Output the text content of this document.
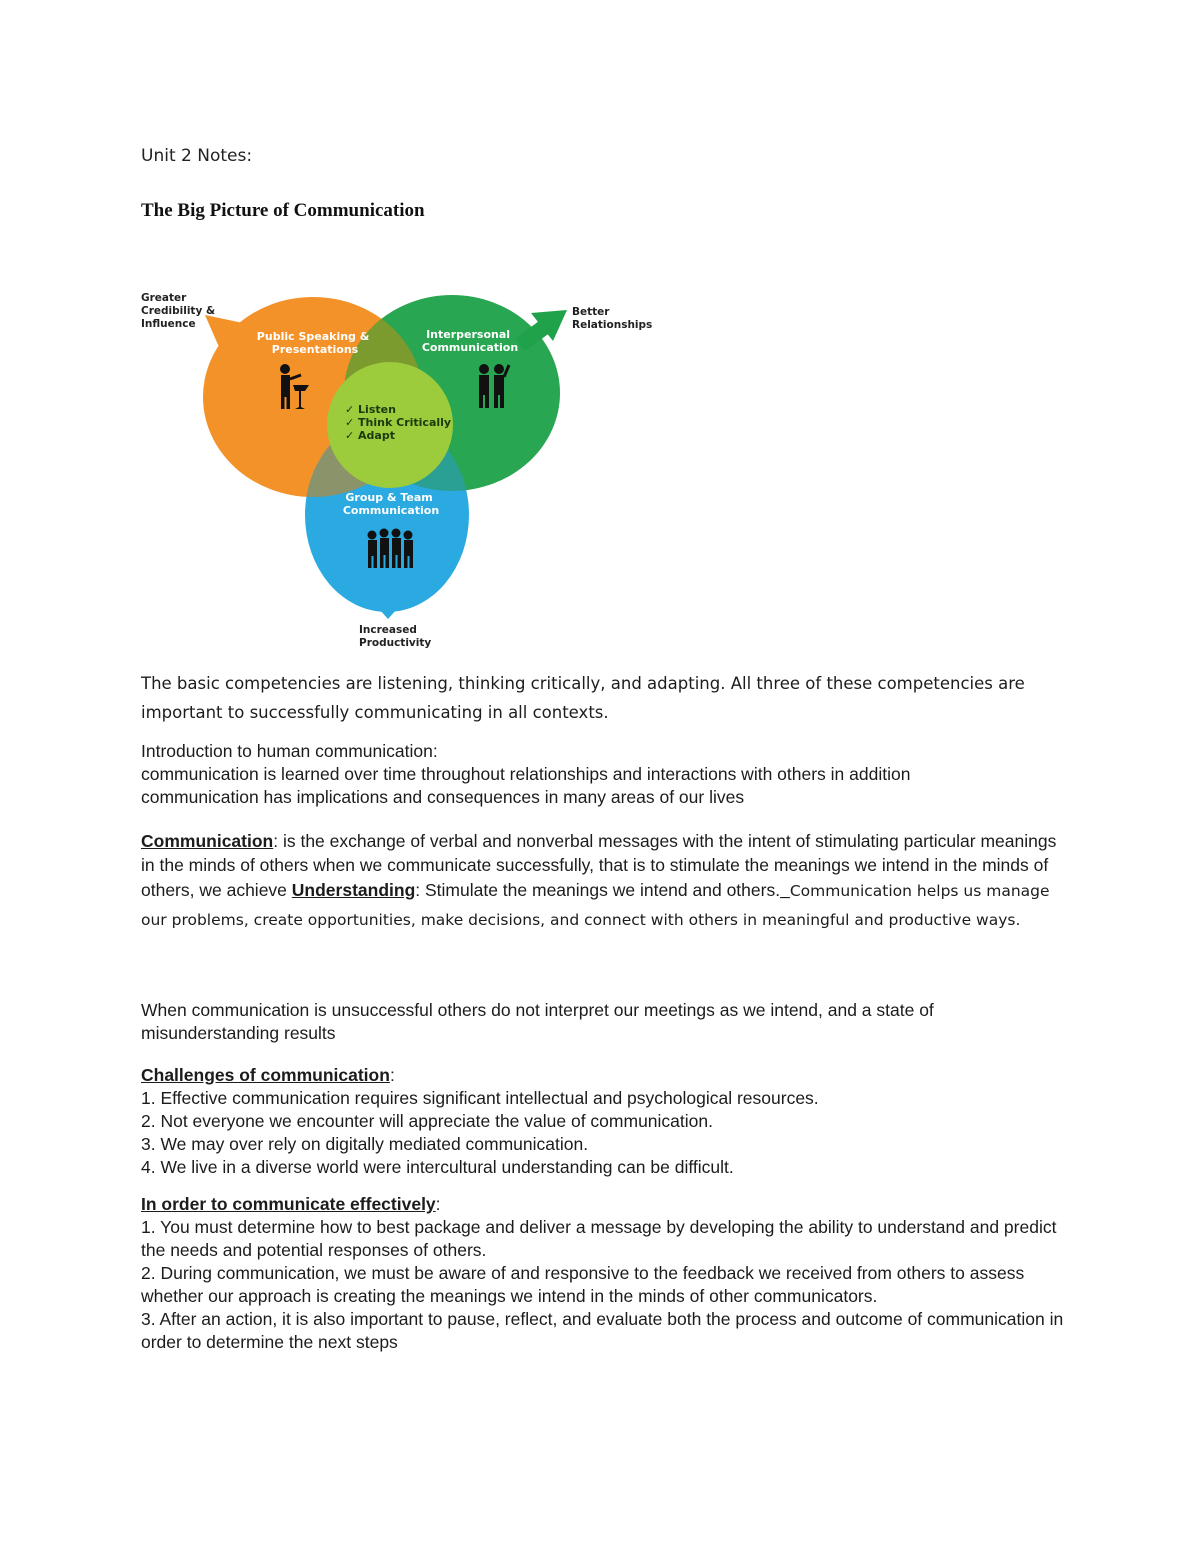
Unit 2 Notes:
The Big Picture of Communication
Greater Credibility & Influence
Better Relationships
Increased Productivity
Public Speaking & Presentations
Interpersonal Communication
Group & Team Communication
✓ Listen ✓ Think Critically ✓ Adapt

The basic competencies are listening, thinking critically, and adapting. All three of these competencies are important to successfully communicating in all contexts.

Introduction to human communication:

communication is learned over time throughout relationships and interactions with others in addition

communication has implications and consequences in many areas of our lives

Communication: is the exchange of verbal and nonverbal messages with the intent of stimulating particular meanings in the minds of others when we communicate successfully, that is to stimulate the meanings we intend in the minds of others, we achieve Understanding: Stimulate the meanings we intend and others._Communication helps us manage our problems, create opportunities, make decisions, and connect with others in meaningful and productive ways.

When communication is unsuccessful others do not interpret our meetings as we intend, and a state of misunderstanding results

Challenges of communication:

1. Effective communication requires significant intellectual and psychological resources.

2. Not everyone we encounter will appreciate the value of communication.

3. We may over rely on digitally mediated communication.

4. We live in a diverse world were intercultural understanding can be difficult.

In order to communicate effectively:

1. You must determine how to best package and deliver a message by developing the ability to understand and predict the needs and potential responses of others.

2. During communication, we must be aware of and responsive to the feedback we received from others to assess whether our approach is creating the meanings we intend in the minds of other communicators.

3. After an action, it is also important to pause, reflect, and evaluate both the process and outcome of communication in order to determine the next steps
